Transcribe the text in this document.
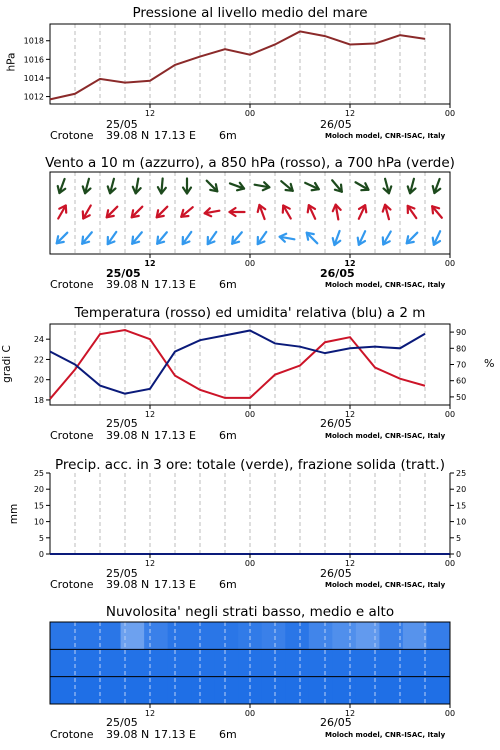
Pressione al livello medio del mare
hPa
1012
1014
1016
1018
12	00	12	00
25/05	26/05
Crotone 39.08 N 17.13 E 6m	Moloch model, CNR-ISAC, Italy
Vento a 10 m (azzurro), a 850 hPa (rosso), a 700 hPa (verde)
12	00	12	00
25/05	26/05
Crotone 39.08 N 17.13 E 6m	Moloch model, CNR-ISAC, Italy
Temperatura (rosso) ed umidita' relativa (blu) a 2 m
gradi C	%
18
20
22
24
50
60
70
80
90
12	00	12	00
25/05	26/05
Crotone 39.08 N 17.13 E 6m	Moloch model, CNR-ISAC, Italy
Precip. acc. in 3 ore: totale (verde), frazione solida (tratt.)
mm
0	0
5	5
10	10
15	15
20	20
25	25
12	00	12	00
25/05	26/05
Crotone 39.08 N 17.13 E 6m	Moloch model, CNR-ISAC, Italy
Nuvolosita' negli strati basso, medio e alto
12	00	12	00
25/05	26/05
Crotone 39.08 N 17.13 E 6m	Moloch model, CNR-ISAC, Italy
